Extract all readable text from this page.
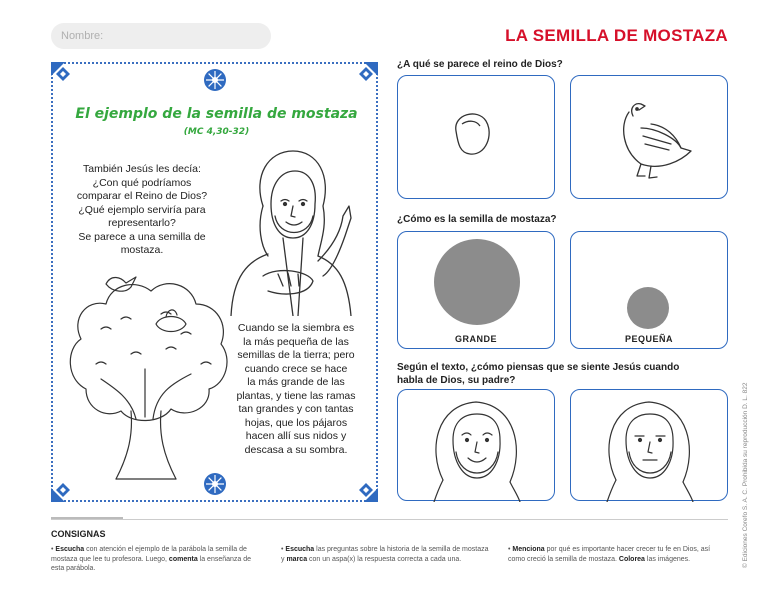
Nombre:
LA SEMILLA DE MOSTAZA
El ejemplo de la semilla de mostaza
(MC 4,30-32)
También Jesús les decía:
¿Con qué podríamos
comparar el Reino de Dios?
¿Qué ejemplo serviría para
representarlo?
Se parece a una semilla de
mostaza.
Cuando se la siembra es
la más pequeña de las
semillas de la tierra; pero
cuando crece se hace
la más grande de las
plantas, y tiene las ramas
tan grandes y con tantas
hojas, que los pájaros
hacen allí sus nidos y
descasa a su sombra.
¿A qué se parece el reino de Dios?
¿Cómo es la semilla de mostaza?
GRANDE	PEQUEÑA
Según el texto, ¿cómo piensas que se siente Jesús cuando
habla de Dios, su padre?
CONSIGNAS
• Escucha con atención el ejemplo de la parábola la semilla de mostaza que lee tu profesora. Luego, comenta la enseñanza de esta parábola.
• Escucha las preguntas sobre la historia de la semilla de mostaza y marca con un aspa(x) la respuesta correcta a cada una.
• Menciona por qué es importante hacer crecer tu fe en Dios, así como creció la semilla de mostaza. Colorea las imágenes.	© Ediciones Corefo S. A. C. Prohibida su reproducción D. L. 822
